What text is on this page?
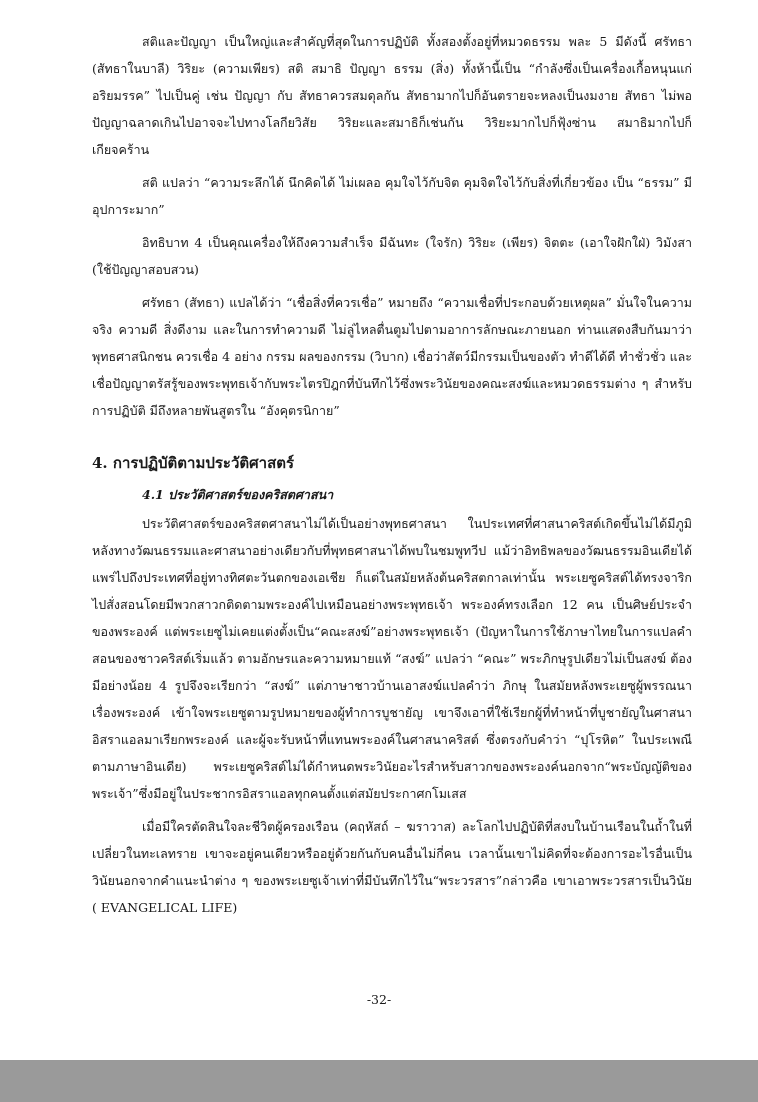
สติและปัญญา เป็นใหญ่และสำคัญที่สุดในการปฏิบัติ ทั้งสองตั้งอยู่ที่หมวดธรรม พละ 5 มีดังนี้ ศรัทธา (สัทธาในบาลี) วิริยะ (ความเพียร) สติ สมาธิ ปัญญา ธรรม (สิ่ง) ทั้งห้านี้เป็น “กำลังซึ่งเป็นเครื่องเกื้อหนุนแก่อริยมรรค” ไปเป็นคู่ เช่น ปัญญา กับ สัทธาควรสมดุลกัน สัทธามากไปก็อันตรายจะหลงเป็นงมงาย สัทธา ไม่พอปัญญาฉลาดเกินไปอาจจะไปทางโลกียวิสัย วิริยะและสมาธิก็เช่นกัน วิริยะมากไปก็ฟุ้งซ่าน สมาธิมากไปก็เกียจคร้าน

สติ แปลว่า “ความระลึกได้ นึกคิดได้ ไม่เผลอ คุมใจไว้กับจิต คุมจิตใจไว้กับสิ่งที่เกี่ยวข้อง เป็น “ธรรม” มีอุปการะมาก”

อิทธิบาท 4 เป็นคุณเครื่องให้ถึงความสำเร็จ มีฉันทะ (ใจรัก) วิริยะ (เพียร) จิตตะ (เอาใจฝักใฝ่) วิมังสา (ใช้ปัญญาสอบสวน)

ศรัทธา (สัทธา) แปลได้ว่า “เชื่อสิ่งที่ควรเชื่อ” หมายถึง “ความเชื่อที่ประกอบด้วยเหตุผล” มั่นใจในความจริง ความดี สิ่งดีงาม และในการทำความดี ไม่ลู่ไหลตื่นตูมไปตามอาการลักษณะภายนอก ท่านแสดงสืบกันมาว่า พุทธศาสนิกชน ควรเชื่อ 4 อย่าง กรรม ผลของกรรม (วิบาก) เชื่อว่าสัตว์มีกรรมเป็นของตัว ทำดีได้ดี ทำชั่วชั่ว และเชื่อปัญญาตรัสรู้ของพระพุทธเจ้ากับพระไตรปิฎกที่บันทึกไว้ซึ่งพระวินัยของคณะสงฆ์และหมวดธรรมต่าง ๆ สำหรับการปฏิบัติ มีถึงหลายพันสูตรใน “อังคุตรนิกาย”

4. การปฏิบัติตามประวัติศาสตร์
4.1 ประวัติศาสตร์ของคริสตศาสนา

ประวัติศาสตร์ของคริสตศาสนาไม่ได้เป็นอย่างพุทธศาสนา ในประเทศที่ศาสนาคริสต์เกิดขึ้นไม่ได้มีภูมิหลังทางวัฒนธรรมและศาสนาอย่างเดียวกับที่พุทธศาสนาได้พบในชมพูทวีป แม้ว่าอิทธิพลของวัฒนธรรมอินเดียได้แพร่ไปถึงประเทศที่อยู่ทางทิศตะวันตกของเอเชีย ก็แต่ในสมัยหลังต้นคริสตกาลเท่านั้น พระเยซูคริสต์ได้ทรงจาริกไปสั่งสอนโดยมีพวกสาวกติดตามพระองค์ไปเหมือนอย่างพระพุทธเจ้า พระองค์ทรงเลือก 12 คน เป็นศิษย์ประจำของพระองค์ แต่พระเยซูไม่เคยแต่งตั้งเป็น“คณะสงฆ์”อย่างพระพุทธเจ้า (ปัญหาในการใช้ภาษาไทยในการแปลคำสอนของชาวคริสต์เริ่มแล้ว ตามอักษรและความหมายแท้ “สงฆ์” แปลว่า “คณะ” พระภิกษุรูปเดียวไม่เป็นสงฆ์ ต้องมีอย่างน้อย 4 รูปจึงจะเรียกว่า “สงฆ์” แต่ภาษาชาวบ้านเอาสงฆ์แปลคำว่า ภิกษุ ในสมัยหลังพระเยซูผู้พรรณนาเรื่องพระองค์ เข้าใจพระเยซูตามรูปหมายของผู้ทำการบูชายัญ เขาจึงเอาที่ใช้เรียกผู้ที่ทำหน้าที่บูชายัญในศาสนาอิสราแอลมาเรียกพระองค์ และผู้จะรับหน้าที่แทนพระองค์ในศาสนาคริสต์ ซึ่งตรงกับคำว่า “ปุโรหิต” ในประเพณีตามภาษาอินเดีย) พระเยซูคริสต์ไม่ได้กำหนดพระวินัยอะไรสำหรับสาวกของพระองค์นอกจาก“พระบัญญัติของพระเจ้า”ซึ่งมีอยู่ในประชากรอิสราแอลทุกคนตั้งแต่สมัยประกาศกโมเสส

เมื่อมีใครตัดสินใจละชีวิตผู้ครองเรือน (คฤหัสถ์ – ฆราวาส) ละโลกไปปฏิบัติที่สงบในบ้านเรือนในถ้ำในที่เปลี่ยวในทะเลทราย เขาจะอยู่คนเดียวหรืออยู่ด้วยกันกับคนอื่นไม่กี่คน เวลานั้นเขาไม่คิดที่จะต้องการอะไรอื่นเป็นวินัยนอกจากคำแนะนำต่าง ๆ ของพระเยซูเจ้าเท่าที่มีบันทึกไว้ใน“พระวรสาร”กล่าวคือ เขาเอาพระวรสารเป็นวินัย ( EVANGELICAL LIFE)

-32-
